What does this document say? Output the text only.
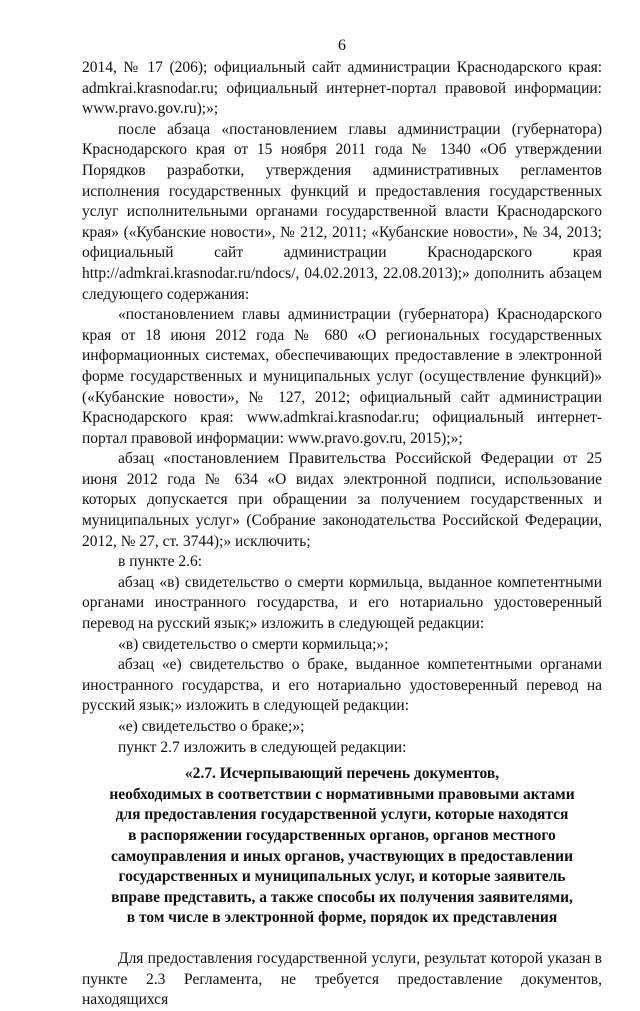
6

2014, № 17 (206); официальный сайт администрации Краснодарского края: admkrai.krasnodar.ru; официальный интернет-портал правовой информации: www.pravo.gov.ru);»;

после абзаца «постановлением главы администрации (губернатора) Краснодарского края от 15 ноября 2011 года № 1340 «Об утверждении Порядков разработки, утверждения административных регламентов исполнения государственных функций и предоставления государственных услуг исполнительными органами государственной власти Краснодарского края» («Кубанские новости», № 212, 2011; «Кубанские новости», № 34, 2013; официальный сайт администрации Краснодарского края http://admkrai.krasnodar.ru/ndocs/, 04.02.2013, 22.08.2013);» дополнить абзацем следующего содержания:

«постановлением главы администрации (губернатора) Краснодарского края от 18 июня 2012 года № 680 «О региональных государственных информационных системах, обеспечивающих предоставление в электронной форме государственных и муниципальных услуг (осуществление функций)» («Кубанские новости», № 127, 2012; официальный сайт администрации Краснодарского края: www.admkrai.krasnodar.ru; официальный интернет-портал правовой информации: www.pravo.gov.ru, 2015);»;

абзац «постановлением Правительства Российской Федерации от 25 июня 2012 года № 634 «О видах электронной подписи, использование которых допускается при обращении за получением государственных и муниципальных услуг» (Собрание законодательства Российской Федерации, 2012, № 27, ст. 3744);» исключить;

в пункте 2.6:

абзац «в) свидетельство о смерти кормильца, выданное компетентными органами иностранного государства, и его нотариально удостоверенный перевод на русский язык;» изложить в следующей редакции:

«в) свидетельство о смерти кормильца;»;

абзац «е) свидетельство о браке, выданное компетентными органами иностранного государства, и его нотариально удостоверенный перевод на русский язык;» изложить в следующей редакции:

«е) свидетельство о браке;»;

пункт 2.7 изложить в следующей редакции:

«2.7. Исчерпывающий перечень документов,
необходимых в соответствии с нормативными правовыми актами
для предоставления государственной услуги, которые находятся
в распоряжении государственных органов, органов местного
самоуправления и иных органов, участвующих в предоставлении
государственных и муниципальных услуг, и которые заявитель
вправе представить, а также способы их получения заявителями,
в том числе в электронной форме, порядок их представления

Для предоставления государственной услуги, результат которой указан в пункте 2.3 Регламента, не требуется предоставление документов, находящихся
